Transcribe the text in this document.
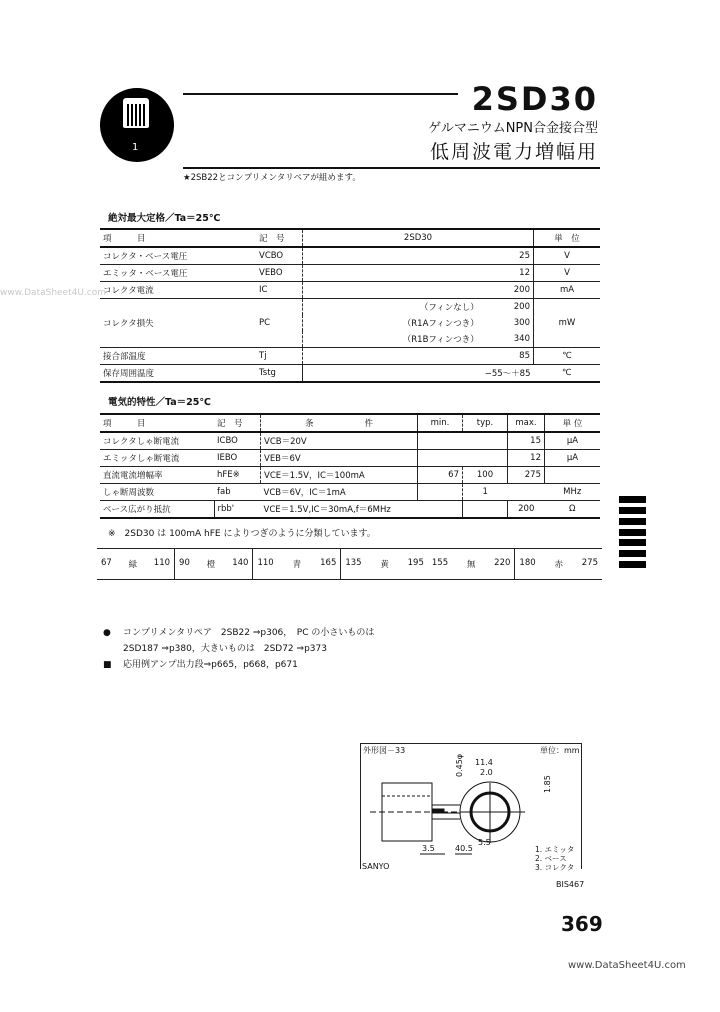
1
2SD30
ゲルマニウムNPN合金接合型
低周波電力増幅用
★2SB22とコンプリメンタリペアが組めます。
絶対最大定格／Ta＝25℃
項　　　目	記　号	2SD30		単　位
コレクタ・ベース電圧	VCBO		25	V
エミッタ・ベース電圧	VEBO		12	V
コレクタ電流	IC		200	mA
コレクタ損失	PC	（フィンなし）	200	mW
		（R1Aフィンつき）	300	
		（R1Bフィンつき）	340	
接合部温度	Tj		85	℃
保存周囲温度	Tstg		−55～＋85	℃
電気的特性／Ta＝25℃
項　　　目	記　号	条　　　　　　件	min.	typ.	max.	単 位
コレクタしゃ断電流	ICBO	VCB＝20V			15	μA
エミッタしゃ断電流	IEBO	VEB＝6V			12	μA
直流電流増幅率	hFE※	VCE＝1.5V，IC＝100mA	67	100	275	
しゃ断周波数	fab	VCB＝6V，IC＝1mA		1		MHz
ベース広がり抵抗	rbb'	VCE＝1.5V,IC＝30mA,f＝6MHz			200	Ω
※　2SD30 は 100mA hFE によりつぎのように分類しています。
67 緑 110	90 橙 140	110 青 165	135 黄 195	155 無 220	180 赤 275
● コンプリメンタリペア　2SB22 ⇒p306，　PC の小さいものは
2SD187 ⇒p380，大きいものは　2SD72 ⇒p373
■ 応用例アンプ出力段⇒p665，p668，p671
外形図－33	単位：mm
11.4
2.0
0.45φ
1.85
3.5	40.5
5.5
1. エミッタ
2. ベース
3. コレクタ
SANYO
BIS467
369
www.DataSheet4U.com
www.DataSheet4U.com
